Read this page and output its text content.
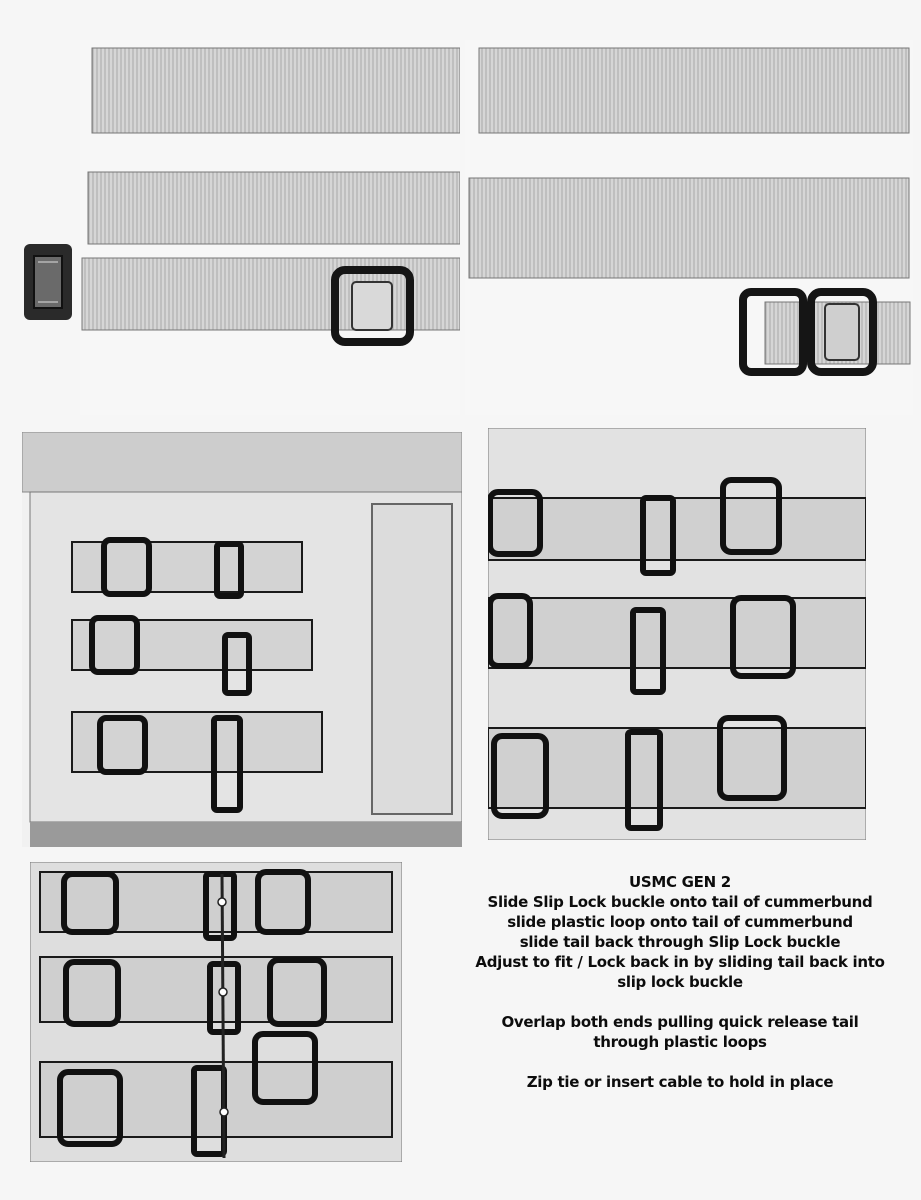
USMC GEN 2

Slide Slip Lock buckle onto tail of cummerbund

slide plastic loop onto tail of cummerbund

slide tail back through Slip Lock buckle

Adjust to fit / Lock back in by sliding tail back into

slip lock buckle

Overlap both ends pulling quick release tail

through plastic loops

Zip tie or insert cable to hold in place
